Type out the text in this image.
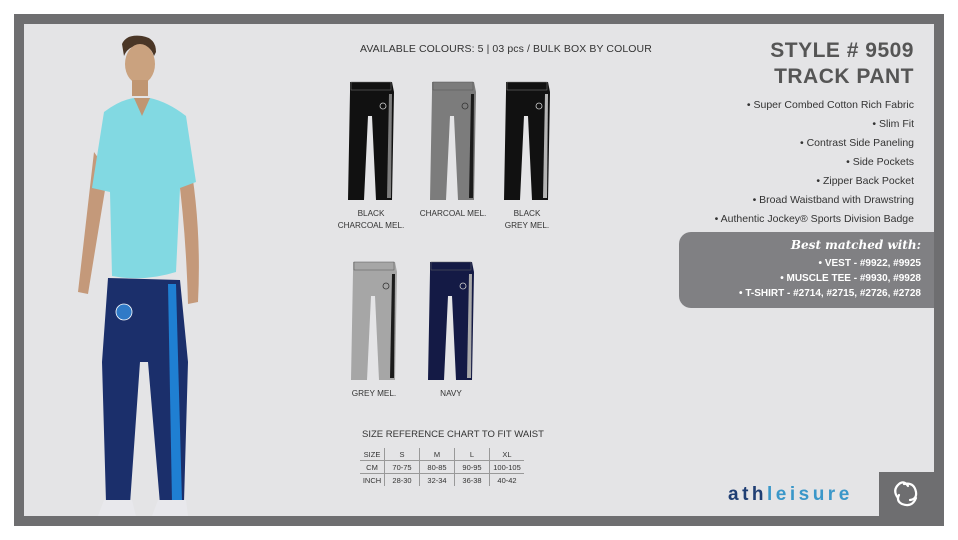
AVAILABLE COLOURS: 5 | 03 pcs / BULK BOX BY COLOUR
BLACK
CHARCOAL MEL.
CHARCOAL MEL.	BLACK
GREY MEL.
GREY MEL.	NAVY
STYLE # 9509
TRACK PANT
• Super Combed Cotton Rich Fabric
• Slim Fit
• Contrast Side Paneling
• Side Pockets
• Zipper Back Pocket
• Broad Waistband with Drawstring
• Authentic Jockey® Sports Division Badge
Best matched with:
• VEST - #9922, #9925
• MUSCLE TEE - #9930, #9928
• T-SHIRT - #2714, #2715, #2726, #2728
SIZE REFERENCE CHART TO FIT WAIST
SIZE	S	M	L	XL
CM	70-75	80-85	90-95	100-105
INCH	28-30	32-34	36-38	40-42
athleisure
